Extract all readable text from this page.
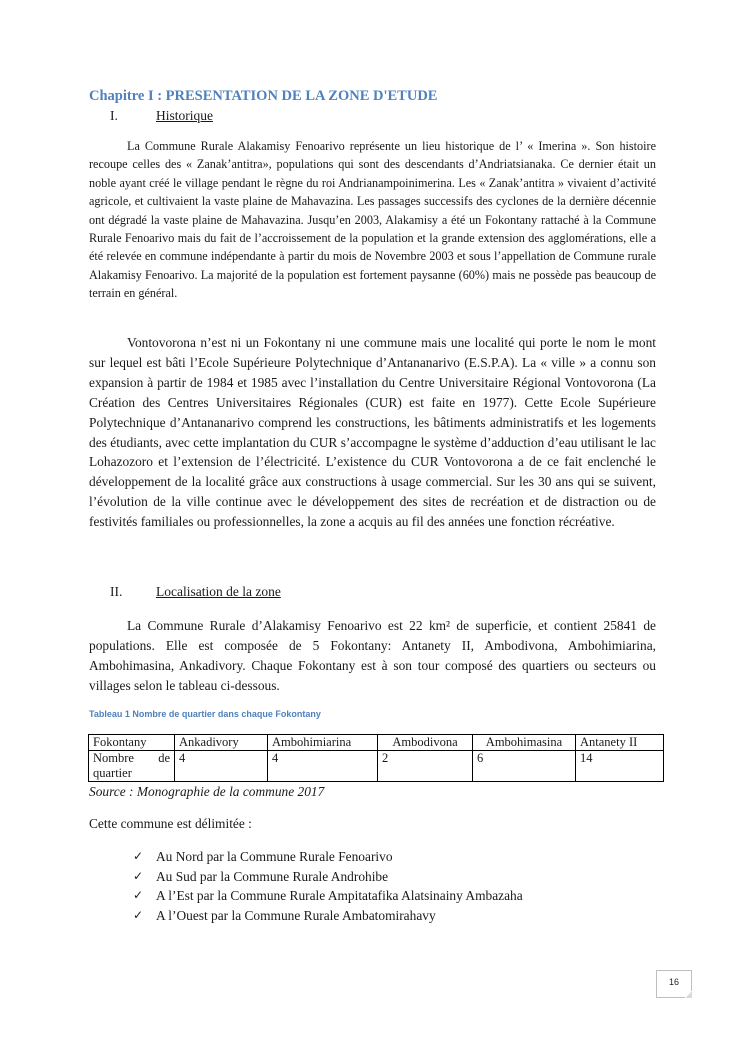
Chapitre I : PRESENTATION DE LA ZONE D'ETUDE
I.	Historique
La Commune Rurale Alakamisy Fenoarivo représente un lieu historique de l’ « Imerina ». Son histoire recoupe celles des « Zanak’antitra», populations qui sont des descendants d’Andriatsianaka. Ce dernier était un noble ayant créé le village pendant le règne du roi Andrianampoinimerina. Les « Zanak’antitra » vivaient d’activité agricole, et cultivaient la vaste plaine de Mahavazina. Les passages successifs des cyclones de la dernière décennie ont dégradé la vaste plaine de Mahavazina. Jusqu’en 2003, Alakamisy a été un Fokontany rattaché à la Commune Rurale Fenoarivo mais du fait de l’accroissement de la population et la grande extension des agglomérations, elle a été relevée en commune indépendante à partir du mois de Novembre 2003 et sous l’appellation de Commune rurale Alakamisy Fenoarivo. La majorité de la population est fortement paysanne (60%) mais ne possède pas beaucoup de terrain en général.
Vontovorona n’est ni un Fokontany ni une commune mais une localité qui porte le nom le mont sur lequel est bâti l’Ecole Supérieure Polytechnique d’Antananarivo (E.S.P.A). La « ville » a connu son expansion à partir de 1984 et 1985 avec l’installation du Centre Universitaire Régional Vontovorona (La Création des Centres Universitaires Régionales (CUR) est faite en 1977). Cette Ecole Supérieure Polytechnique d’Antananarivo comprend les constructions, les bâtiments administratifs et les logements des étudiants, avec cette implantation du CUR s’accompagne le système d’adduction d’eau utilisant le lac Lohazozoro et l’extension de l’électricité. L’existence du CUR Vontovorona a de ce fait enclenché le développement de la localité grâce aux constructions à usage commercial. Sur les 30 ans qui se suivent, l’évolution de la ville continue avec le développement des sites de recréation et de distraction ou de festivités familiales ou professionnelles, la zone a acquis au fil des années une fonction récréative.
II. Localisation de la zone
La Commune Rurale d’Alakamisy Fenoarivo est 22 km² de superficie, et contient 25841 de populations. Elle est composée de 5 Fokontany: Antanety II, Ambodivona, Ambohimiarina, Ambohimasina, Ankadivory. Chaque Fokontany est à son tour composé des quartiers ou secteurs ou villages selon le tableau ci-dessous.
Tableau 1 Nombre de quartier dans chaque Fokontany
Fokontany	Ankadivory	Ambohimiarina	Ambodivona	Ambohimasina	Antanety II

Nombre de
quartier	4	4	2	6	14
Source : Monographie de la commune 2017
Cette commune est délimitée :
✓ Au Nord par la Commune Rurale Fenoarivo
✓ Au Sud par la Commune Rurale Androhibe
✓ A l’Est par la Commune Rurale Ampitatafika Alatsinainy Ambazaha
✓ A l’Ouest par la Commune Rurale Ambatomirahavy
16
